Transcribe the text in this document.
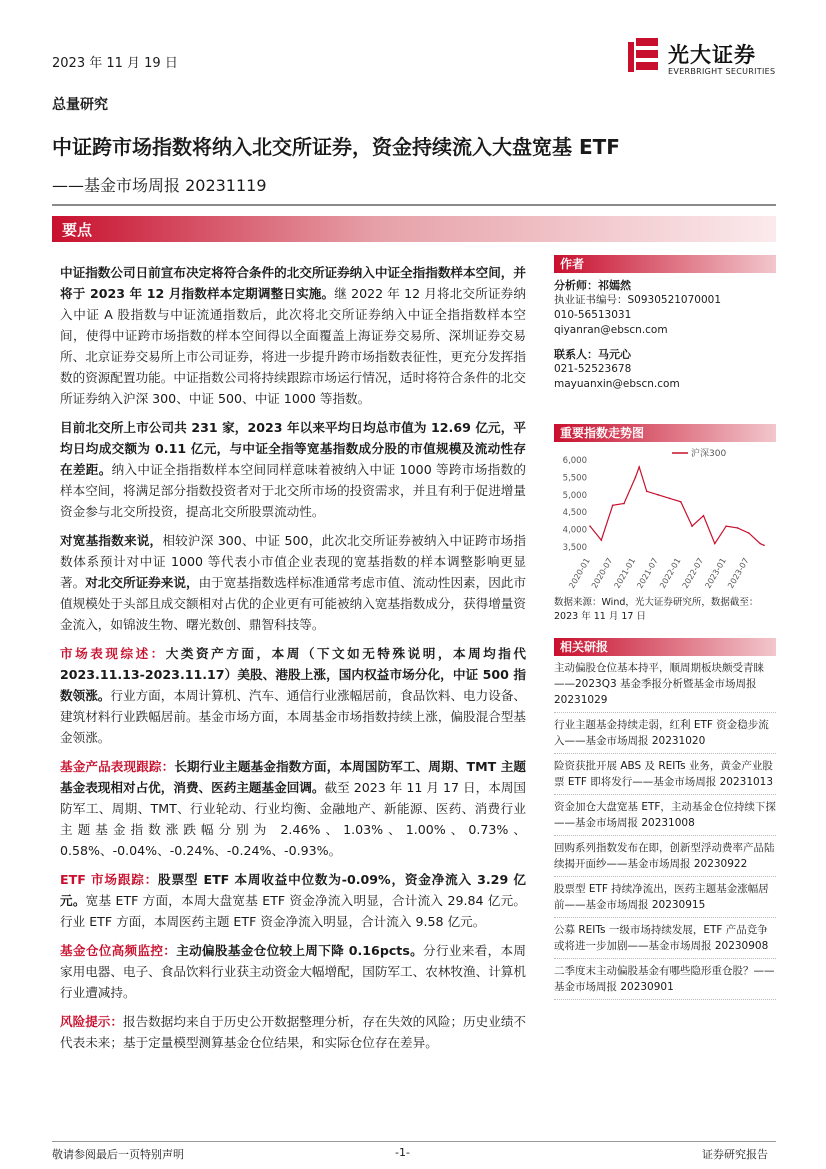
2023 年 11 月 19 日	光大证券
EVERBRIGHT SECURITIES
总量研究
中证跨市场指数将纳入北交所证券，资金持续流入大盘宽基 ETF
——基金市场周报 20231119
要点

中证指数公司日前宣布决定将符合条件的北交所证券纳入中证全指指数样本空间，并将于 2023 年 12 月指数样本定期调整日实施。继 2022 年 12 月将北交所证券纳入中证 A 股指数与中证流通指数后，此次将北交所证券纳入中证全指指数样本空间，使得中证跨市场指数的样本空间得以全面覆盖上海证券交易所、深圳证券交易所、北京证券交易所上市公司证券，将进一步提升跨市场指数表征性，更充分发挥指数的资源配置功能。中证指数公司将持续跟踪市场运行情况，适时将符合条件的北交所证券纳入沪深 300、中证 500、中证 1000 等指数。

目前北交所上市公司共 231 家，2023 年以来平均日均总市值为 12.69 亿元，平均日均成交额为 0.11 亿元，与中证全指等宽基指数成分股的市值规模及流动性存在差距。纳入中证全指指数样本空间同样意味着被纳入中证 1000 等跨市场指数的样本空间，将满足部分指数投资者对于北交所市场的投资需求，并且有利于促进增量资金参与北交所投资，提高北交所股票流动性。

对宽基指数来说，相较沪深 300、中证 500，此次北交所证券被纳入中证跨市场指数体系预计对中证 1000 等代表小市值企业表现的宽基指数的样本调整影响更显著。对北交所证券来说，由于宽基指数选样标准通常考虑市值、流动性因素，因此市值规模处于头部且成交额相对占优的企业更有可能被纳入宽基指数成分，获得增量资金流入，如锦波生物、曙光数创、鼎智科技等。

市场表现综述：大类资产方面，本周（下文如无特殊说明，本周均指代 2023.11.13-2023.11.17）美股、港股上涨，国内权益市场分化，中证 500 指数领涨。行业方面，本周计算机、汽车、通信行业涨幅居前，食品饮料、电力设备、建筑材料行业跌幅居前。基金市场方面，本周基金市场指数持续上涨，偏股混合型基金领涨。

基金产品表现跟踪：长期行业主题基金指数方面，本周国防军工、周期、TMT 主题基金表现相对占优，消费、医药主题基金回调。截至 2023 年 11 月 17 日，本周国防军工、周期、TMT、行业轮动、行业均衡、金融地产、新能源、医药、消费行业主题基金指数涨跌幅分别为 2.46%、1.03%、1.00%、0.73%、0.58%、-0.04%、-0.24%、-0.24%、-0.93%。

ETF 市场跟踪：股票型 ETF 本周收益中位数为-0.09%，资金净流入 3.29 亿元。宽基 ETF 方面，本周大盘宽基 ETF 资金净流入明显，合计流入 29.84 亿元。行业 ETF 方面，本周医药主题 ETF 资金净流入明显，合计流入 9.58 亿元。

基金仓位高频监控：主动偏股基金仓位较上周下降 0.16pcts。分行业来看，本周家用电器、电子、食品饮料行业获主动资金大幅增配，国防军工、农林牧渔、计算机行业遭减持。

风险提示：报告数据均来自于历史公开数据整理分析，存在失效的风险；历史业绩不代表未来；基于定量模型测算基金仓位结果，和实际仓位存在差异。

作者
分析师：祁嫣然
执业证书编号：S0930521070001
010-56513031
qiyanran@ebscn.com
联系人：马元心
021-52523678
mayuanxin@ebscn.com
重要指数走势图
3,500
4,000
4,500
5,000
5,500
6,000
2020-01
2020-07
2021-01
2021-07
2022-01
2022-07
2023-01
2023-07
沪深300
数据来源：Wind，光大证券研究所，数据截至：2023 年 11 月 17 日
相关研报
主动偏股仓位基本持平，顺周期板块颇受青睐——2023Q3 基金季报分析暨基金市场周报 20231029
行业主题基金持续走弱，红利 ETF 资金稳步流入——基金市场周报 20231020
险资获批开展 ABS 及 REITs 业务，黄金产业股票 ETF 即将发行——基金市场周报 20231013
资金加仓大盘宽基 ETF，主动基金仓位持续下探——基金市场周报 20231008
回购系列指数发布在即，创新型浮动费率产品陆续揭开面纱——基金市场周报 20230922
股票型 ETF 持续净流出，医药主题基金涨幅居前——基金市场周报 20230915
公募 REITs 一级市场持续发展，ETF 产品竞争或将进一步加剧——基金市场周报 20230908
二季度末主动偏股基金有哪些隐形重仓股？——基金市场周报 20230901
敬请参阅最后一页特别声明	-1-	证券研究报告
